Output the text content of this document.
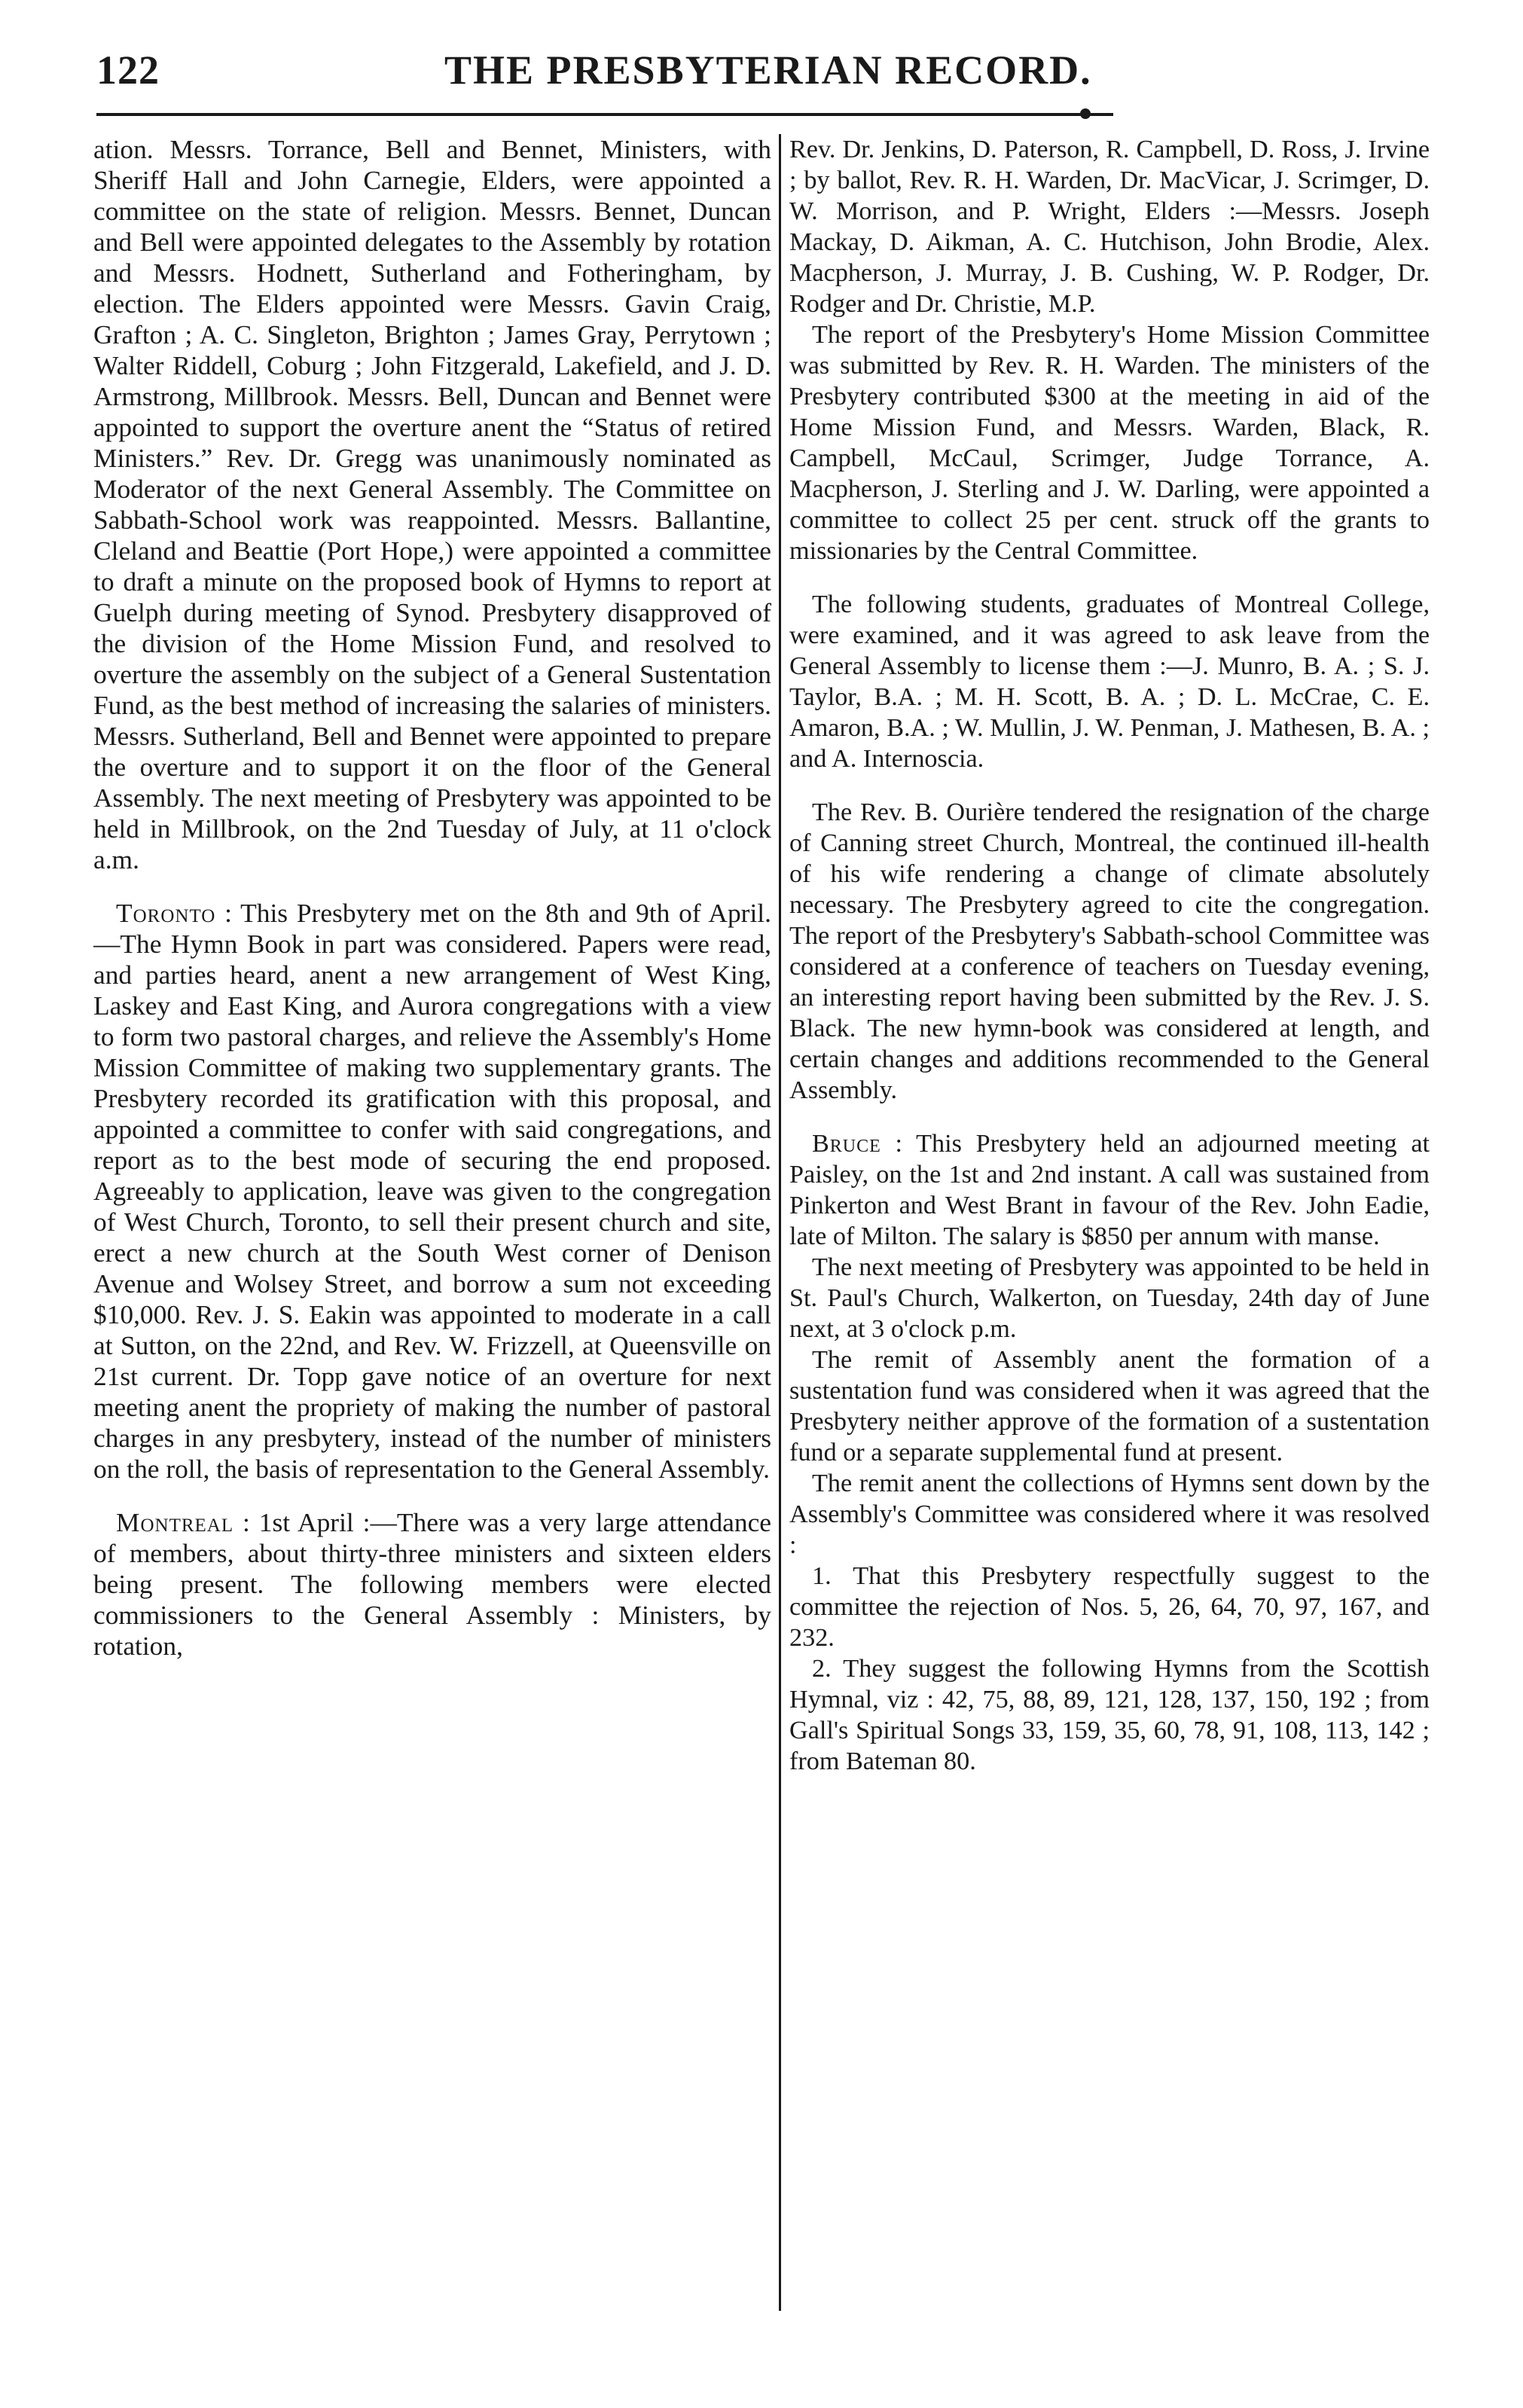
122	THE PRESBYTERIAN RECORD.

ation. Messrs. Torrance, Bell and Bennet, Ministers, with Sheriff Hall and John Carnegie, Elders, were appointed a committee on the state of religion. Messrs. Bennet, Duncan and Bell were appointed delegates to the Assembly by rotation and Messrs. Hodnett, Sutherland and Fotheringham, by election. The Elders appointed were Messrs. Gavin Craig, Grafton ; A. C. Singleton, Brighton ; James Gray, Perrytown ; Walter Riddell, Coburg ; John Fitzgerald, Lakefield, and J. D. Armstrong, Millbrook. Messrs. Bell, Duncan and Bennet were appointed to support the overture anent the “Status of retired Ministers.” Rev. Dr. Gregg was unanimously nominated as Moderator of the next General Assembly. The Committee on Sabbath-School work was reappointed. Messrs. Ballantine, Cleland and Beattie (Port Hope,) were appointed a committee to draft a minute on the proposed book of Hymns to report at Guelph during meeting of Synod. Presbytery disapproved of the division of the Home Mission Fund, and resolved to overture the assembly on the subject of a General Sustentation Fund, as the best method of increasing the salaries of ministers. Messrs. Sutherland, Bell and Bennet were appointed to prepare the overture and to support it on the floor of the General Assembly. The next meeting of Presbytery was appointed to be held in Millbrook, on the 2nd Tuesday of July, at 11 o'clock a.m.

Toronto : This Presbytery met on the 8th and 9th of April.—The Hymn Book in part was considered. Papers were read, and parties heard, anent a new arrangement of West King, Laskey and East King, and Aurora congregations with a view to form two pastoral charges, and relieve the Assembly's Home Mission Committee of making two supplementary grants. The Presbytery recorded its gratification with this proposal, and appointed a committee to confer with said congregations, and report as to the best mode of securing the end proposed. Agreeably to application, leave was given to the congregation of West Church, Toronto, to sell their present church and site, erect a new church at the South West corner of Denison Avenue and Wolsey Street, and borrow a sum not exceeding $10,000. Rev. J. S. Eakin was appointed to moderate in a call at Sutton, on the 22nd, and Rev. W. Frizzell, at Queensville on 21st current. Dr. Topp gave notice of an overture for next meeting anent the propriety of making the number of pastoral charges in any presbytery, instead of the number of ministers on the roll, the basis of representation to the General Assembly.

Montreal : 1st April :—There was a very large attendance of members, about thirty-three ministers and sixteen elders being present. The following members were elected commissioners to the General Assembly : Ministers, by rotation,

Rev. Dr. Jenkins, D. Paterson, R. Campbell, D. Ross, J. Irvine ; by ballot, Rev. R. H. Warden, Dr. MacVicar, J. Scrimger, D. W. Morrison, and P. Wright, Elders :—Messrs. Joseph Mackay, D. Aikman, A. C. Hutchison, John Brodie, Alex. Macpherson, J. Murray, J. B. Cushing, W. P. Rodger, Dr. Rodger and Dr. Christie, M.P.

The report of the Presbytery's Home Mission Committee was submitted by Rev. R. H. Warden. The ministers of the Presbytery contributed $300 at the meeting in aid of the Home Mission Fund, and Messrs. Warden, Black, R. Campbell, McCaul, Scrimger, Judge Torrance, A. Macpherson, J. Sterling and J. W. Darling, were appointed a committee to collect 25 per cent. struck off the grants to missionaries by the Central Committee.

The following students, graduates of Montreal College, were examined, and it was agreed to ask leave from the General Assembly to license them :—J. Munro, B. A. ; S. J. Taylor, B.A. ; M. H. Scott, B. A. ; D. L. McCrae, C. E. Amaron, B.A. ; W. Mullin, J. W. Penman, J. Mathesen, B. A. ; and A. Internoscia.

The Rev. B. Ourière tendered the resignation of the charge of Canning street Church, Montreal, the continued ill-health of his wife rendering a change of climate absolutely necessary. The Presbytery agreed to cite the congregation. The report of the Presbytery's Sabbath-school Committee was considered at a conference of teachers on Tuesday evening, an interesting report having been submitted by the Rev. J. S. Black. The new hymn-book was considered at length, and certain changes and additions recommended to the General Assembly.

Bruce : This Presbytery held an adjourned meeting at Paisley, on the 1st and 2nd instant. A call was sustained from Pinkerton and West Brant in favour of the Rev. John Eadie, late of Milton. The salary is $850 per annum with manse.

The next meeting of Presbytery was appointed to be held in St. Paul's Church, Walkerton, on Tuesday, 24th day of June next, at 3 o'clock p.m.

The remit of Assembly anent the formation of a sustentation fund was considered when it was agreed that the Presbytery neither approve of the formation of a sustentation fund or a separate supplemental fund at present.

The remit anent the collections of Hymns sent down by the Assembly's Committee was considered where it was resolved :

1. That this Presbytery respectfully suggest to the committee the rejection of Nos. 5, 26, 64, 70, 97, 167, and 232.

2. They suggest the following Hymns from the Scottish Hymnal, viz : 42, 75, 88, 89, 121, 128, 137, 150, 192 ; from Gall's Spiritual Songs 33, 159, 35, 60, 78, 91, 108, 113, 142 ; from Bateman 80.
